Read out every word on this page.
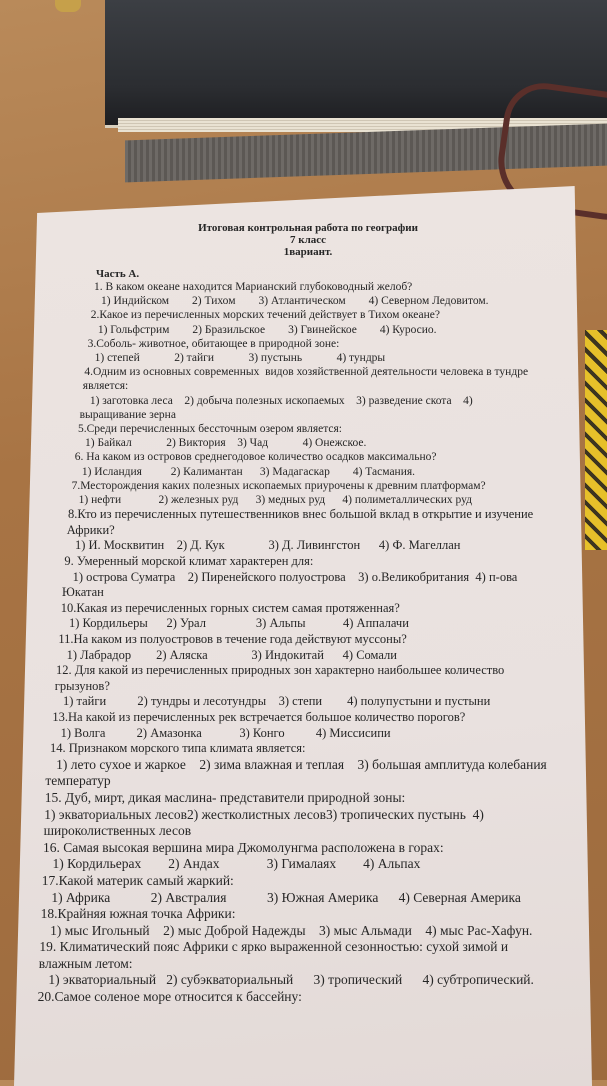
Итоговая контрольная работа по географии
7 класс
1вариант.
Часть А.
1. В каком океане находится Марианский глубоководный желоб?
1) Индийском        2) Тихом        3) Атлантическом        4) Северном Ледовитом.
2.Какое из перечисленных морских течений действует в Тихом океане?
1) Гольфстрим        2) Бразильское        3) Гвинейское        4) Куросио.
3.Соболь- животное, обитающее в природной зоне:
1) степей            2) тайги            3) пустынь            4) тундры
4.Одним из основных современных  видов хозяйственной деятельности человека в тундре
является:
1) заготовка леса    2) добыча полезных ископаемых    3) разведение скота    4)
выращивание зерна
5.Среди перечисленных бессточным озером является:
1) Байкал            2) Виктория    3) Чад            4) Онежское.
6. На каком из островов среднегодовое количество осадков максимально?
1) Исландия          2) Калимантан      3) Мадагаскар        4) Тасмания.
7.Месторождения каких полезных ископаемых приурочены к древним платформам?
1) нефти             2) железных руд      3) медных руд      4) полиметаллических руд
8.Кто из перечисленных путешественников внес большой вклад в открытие и изучение
Африки?
1) И. Москвитин    2) Д. Кук              3) Д. Ливингстон      4) Ф. Магеллан
9. Умеренный морской климат характерен для:
1) острова Суматра    2) Пиренейского полуострова    3) о.Великобритания  4) п-ова
Юкатан
10.Какая из перечисленных горных систем самая протяженная?
1) Кордильеры      2) Урал                3) Альпы            4) Аппалачи
11.На каком из полуостровов в течение года действуют муссоны?
1) Лабрадор        2) Аляска              3) Индокитай      4) Сомали
12. Для какой из перечисленных природных зон характерно наибольшее количество
грызунов?
1) тайги          2) тундры и лесотундры    3) степи        4) полупустыни и пустыни
13.На какой из перечисленных рек встречается большое количество порогов?
1) Волга          2) Амазонка            3) Конго          4) Миссисипи
14. Признаком морского типа климата является:
1) лето сухое и жаркое    2) зима влажная и теплая    3) большая амплитуда колебания
температур
15. Дуб, мирт, дикая маслина- представители природной зоны:
1) экваториальных лесов2) жестколистных лесов3) тропических пустынь  4)
широколиственных лесов
16. Самая высокая вершина мира Джомолунгма расположена в горах:
1) Кордильерах        2) Андах              3) Гималаях        4) Альпах
17.Какой материк самый жаркий:
1) Африка            2) Австралия            3) Южная Америка      4) Северная Америка
18.Крайняя южная точка Африки:
1) мыс Игольный    2) мыс Доброй Надежды    3) мыс Альмади    4) мыс Рас-Хафун.
19. Климатический пояс Африки с ярко выраженной сезонностью: сухой зимой и
влажным летом:
1) экваториальный   2) субэкваториальный      3) тропический      4) субтропический.
20.Самое соленое море относится к бассейну:
